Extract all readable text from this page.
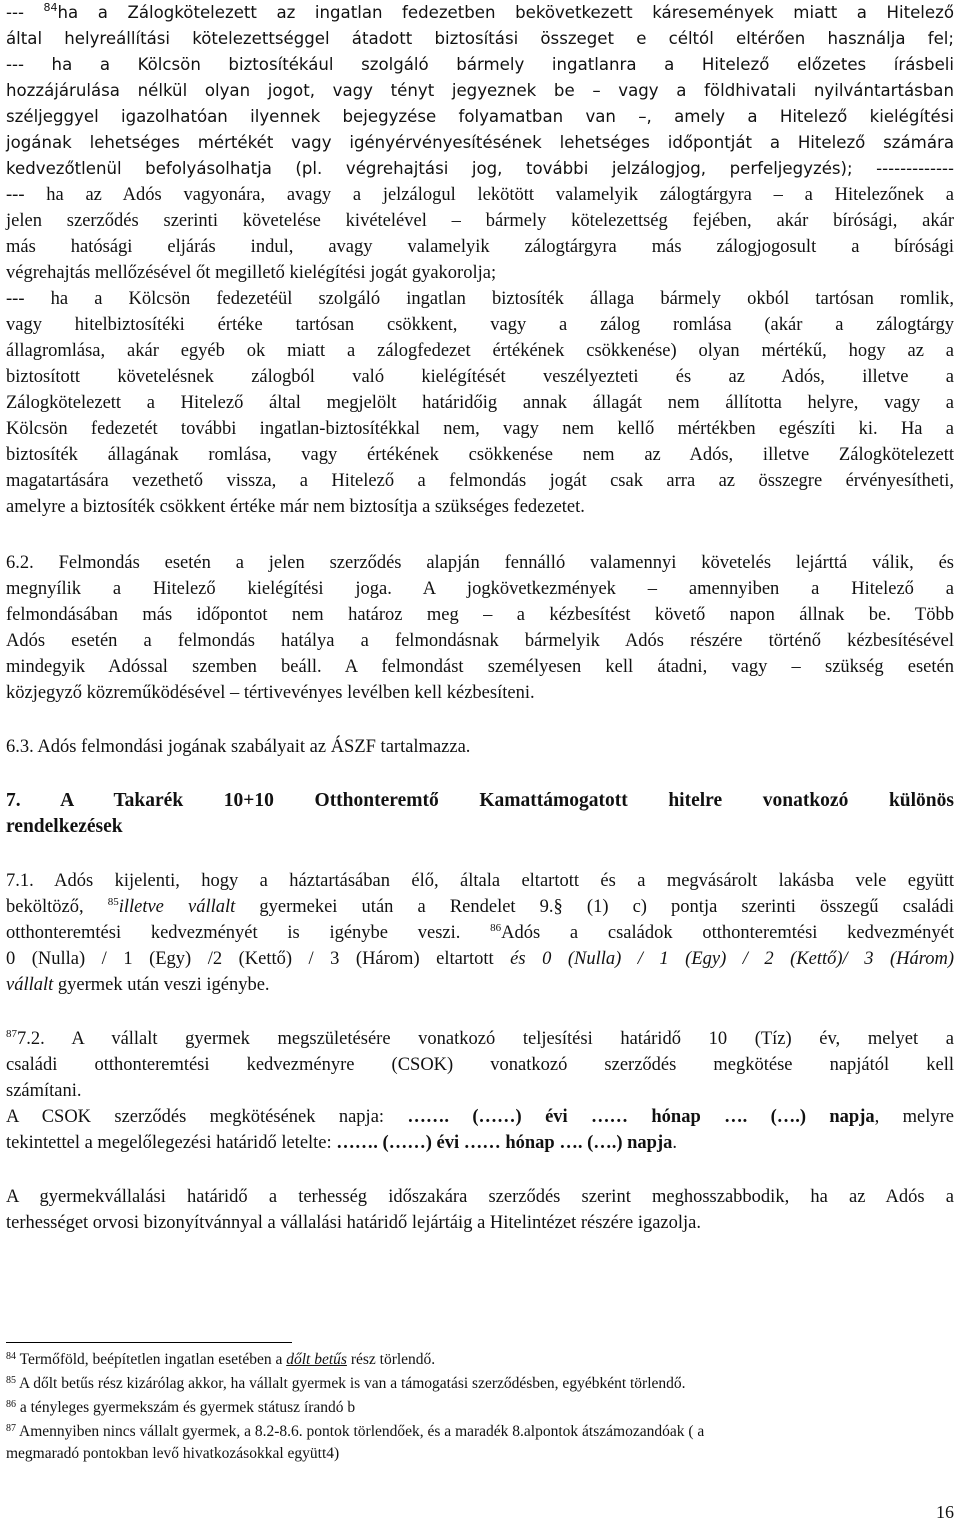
--- $^{84}$ha a Zálogkötelezett az ingatlan fedezetben bekövetkezett káresemények miatt a Hitelező
által helyreállítási kötelezettséggel átadott biztosítási összeget e céltól eltérően használja fel;
--- ha a Kölcsön biztosítékául szolgáló bármely ingatlanra a Hitelező előzetes írásbeli
hozzájárulása nélkül olyan jogot, vagy tényt jegyeznek be – vagy a földhivatali nyilvántartásban
széljeggyel igazolhatóan ilyennek bejegyzése folyamatban van –, amely a Hitelező kielégítési
jogának lehetséges mértékét vagy igényérvényesítésének lehetséges időpontját a Hitelező számára
kedvezőtlenül befolyásolhatja (pl. végrehajtási jog, további jelzálogjog, perfeljegyzés); -------------
--- ha az Adós vagyonára, avagy a jelzálogul lekötött valamelyik zálogtárgyra – a Hitelezőnek a
jelen szerződés szerinti követelése kivételével – bármely kötelezettség fejében, akár bírósági, akár
más hatósági eljárás indul, avagy valamelyik zálogtárgyra más zálogjogosult a bírósági
végrehajtás mellőzésével őt megillető kielégítési jogát gyakorolja;
--- ha a Kölcsön fedezetéül szolgáló ingatlan biztosíték állaga bármely okból tartósan romlik,
vagy hitelbiztosítéki értéke tartósan csökkent, vagy a zálog romlása (akár a zálogtárgy
állagromlása, akár egyéb ok miatt a zálogfedezet értékének csökkenése) olyan mértékű, hogy az a
biztosított követelésnek zálogból való kielégítését veszélyezteti és az Adós, illetve a
Zálogkötelezett a Hitelező által megjelölt határidőig annak állagát nem állította helyre, vagy a
Kölcsön fedezetét további ingatlan-biztosítékkal nem, vagy nem kellő mértékben egészíti ki. Ha a
biztosíték állagának romlása, vagy értékének csökkenése nem az Adós, illetve Zálogkötelezett
magatartására vezethető vissza, a Hitelező a felmondás jogát csak arra az összegre érvényesítheti,
amelyre a biztosíték csökkent értéke már nem biztosítja a szükséges fedezetet.
6.2. Felmondás esetén a jelen szerződés alapján fennálló valamennyi követelés lejárttá válik, és
megnyílik a Hitelező kielégítési joga. A jogkövetkezmények – amennyiben a Hitelező a
felmondásában más időpontot nem határoz meg – a kézbesítést követő napon állnak be. Több
Adós esetén a felmondás hatálya a felmondásnak bármelyik Adós részére történő kézbesítésével
mindegyik Adóssal szemben beáll. A felmondást személyesen kell átadni, vagy – szükség esetén
közjegyző közreműködésével – tértivevényes levélben kell kézbesíteni.
6.3. Adós felmondási jogának szabályait az ÁSZF tartalmazza.
7. A Takarék 10+10 Otthonteremtő Kamattámogatott hitelre vonatkozó különös
rendelkezések
7.1. Adós kijelenti, hogy a háztartásában élő, általa eltartott és a megvásárolt lakásba vele együtt
beköltöző, $^{85}$illetve vállalt gyermekei után a Rendelet 9.§ (1) c) pontja szerinti összegű családi
otthonteremtési kedvezményét is igénybe veszi. $^{86}$Adós a családok otthonteremtési kedvezményét
0 (Nulla) / 1 (Egy) /2 (Kettő) / 3 (Három) eltartott és 0 (Nulla) / 1 (Egy) / 2 (Kettő)/ 3 (Három)
vállalt gyermek után veszi igénybe.
$^{87}$7.2. A vállalt gyermek megszületésére vonatkozó teljesítési határidő 10 (Tíz) év, melyet a
családi otthonteremtési kedvezményre (CSOK) vonatkozó szerződés megkötése napjától kell
számítani.
A CSOK szerződés megkötésének napja: ……. (……) évi …… hónap …. (….) napja, melyre
tekintettel a megelőlegezési határidő letelte: ……. (……) évi …… hónap …. (….) napja.
A gyermekvállalási határidő a terhesség időszakára szerződés szerint meghosszabbodik, ha az Adós a
terhességet orvosi bizonyítvánnyal a vállalási határidő lejártáig a Hitelintézet részére igazolja.
$^{84}$ Termőföld, beépítetlen ingatlan esetében a dőlt betűs rész törlendő.
$^{85}$ A dőlt betűs rész kizárólag akkor, ha vállalt gyermek is van a támogatási szerződésben, egyébként törlendő.
$^{86}$ a tényleges gyermekszám és gyermek státusz írandó b
$^{87}$ Amennyiben nincs vállalt gyermek, a 8.2-8.6. pontok törlendőek, és a maradék 8.alpontok átszámozandóak ( a
megmaradó pontokban levő hivatkozásokkal együtt4)
16
